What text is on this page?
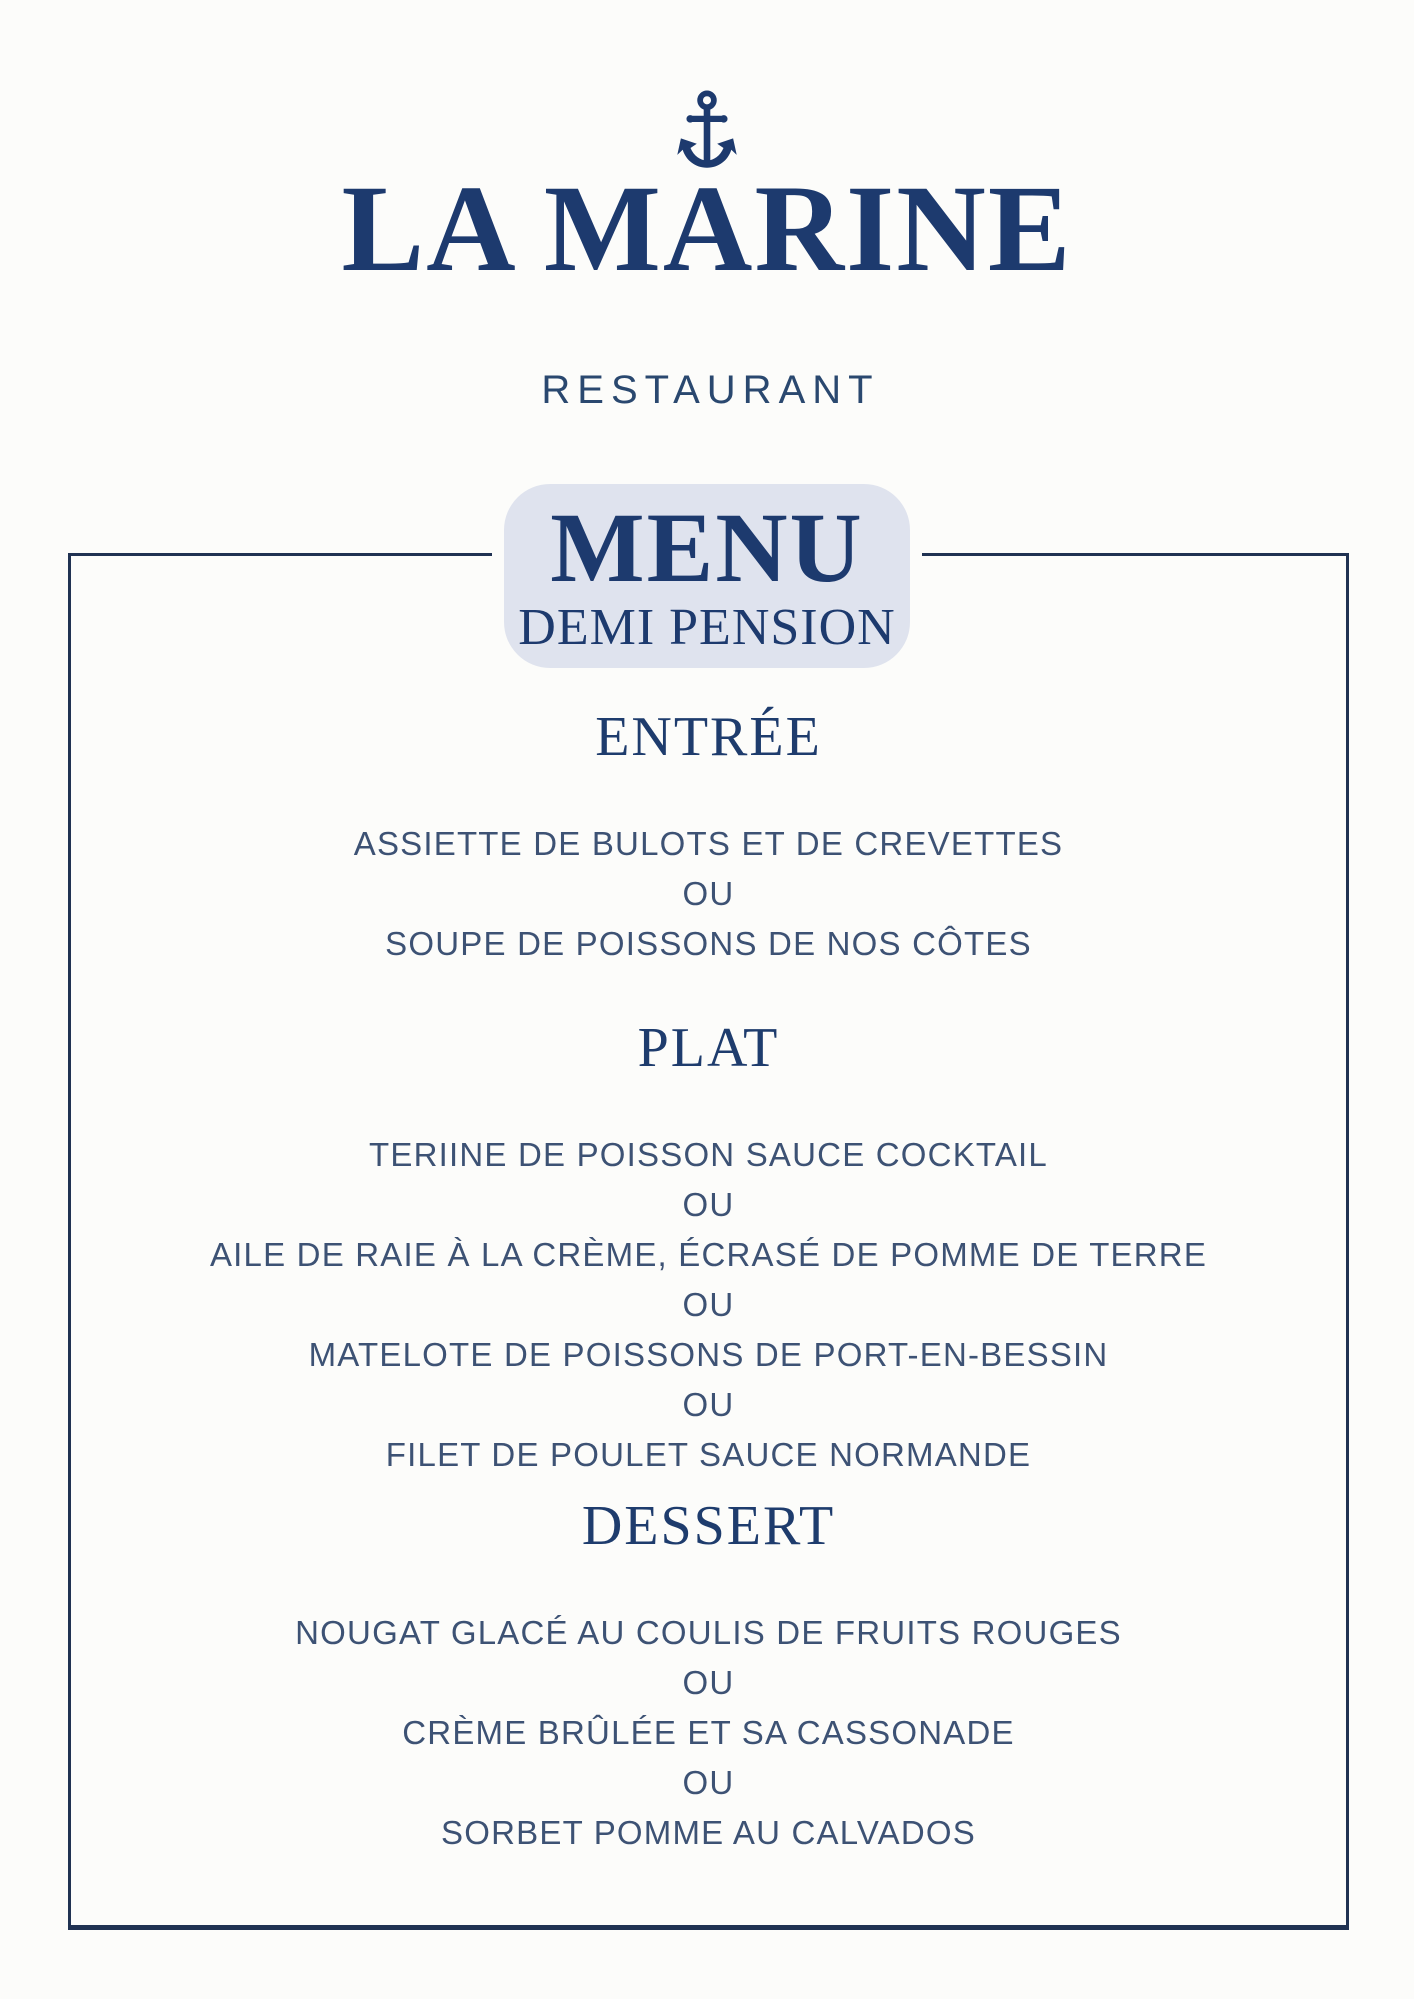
LA MARINE
RESTAURANT
MENU
DEMI PENSION
ENTRÉE
ASSIETTE DE BULOTS ET DE CREVETTES
OU
SOUPE DE POISSONS DE NOS CÔTES
PLAT
TERIINE DE POISSON SAUCE COCKTAIL
OU
AILE DE RAIE À LA CRÈME, ÉCRASÉ DE POMME DE TERRE
OU
MATELOTE DE POISSONS DE PORT-EN-BESSIN
OU
FILET DE POULET SAUCE NORMANDE
DESSERT
NOUGAT GLACÉ AU COULIS DE FRUITS ROUGES
OU
CRÈME BRÛLÉE ET SA CASSONADE
OU
SORBET POMME AU CALVADOS
